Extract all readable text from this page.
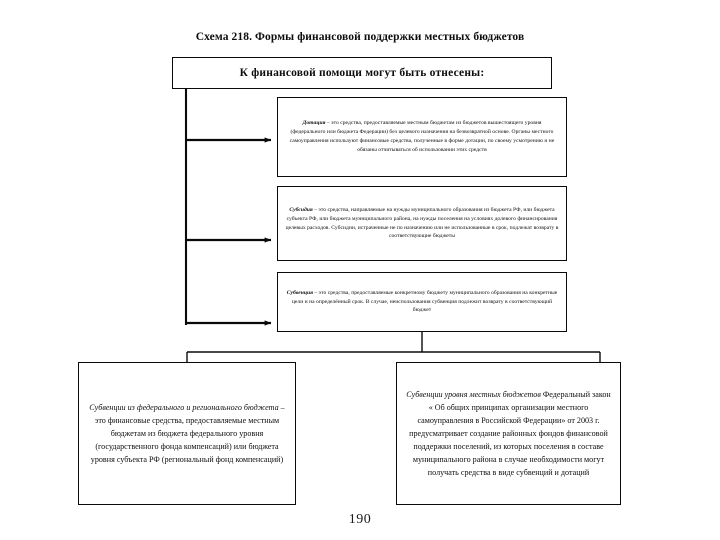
Схема 218. Формы финансовой поддержки местных бюджетов
К финансовой помощи могут быть отнесены:
Дотация – это средства, предоставляемые местным бюджетам из бюджетов вышестоящего уровня (федерального или бюджета Федерации) без целевого назначения на безвозвратной основе. Органы местного самоуправления используют финансовые средства, полученные в форме дотации, по своему усмотрению и не обязаны отчитываться об использовании этих средств
Субсидия – это средства, направляемые на нужды муниципального образования из бюджета РФ, или бюджета субъекта РФ, или бюджета муниципального района, на нужды поселения на условиях долевого финансирования целевых расходов. Субсидии, истраченные не по назначению или не использованные в срок, подлежат возврату в соответствующие бюджеты
Субвенция – это средства, предоставляемые конкретному бюджету муниципального образования на конкретные цели и на определённый срок. В случае, неиспользования субвенция подлежит возврату в соответствующий бюджет
Субвенции из федерального и регионального бюджета – это финансовые средства, предоставляемые местным бюджетам из бюджета федерального уровня (государственного фонда компенсаций) или бюджета уровня субъекта РФ (региональный фонд компенсаций)
Субвенции уровня местных бюджетов Федеральный закон « Об общих принципах организации местного самоуправления в Российской Федерации» от 2003 г. предусматривает создание районных фондов финансовой поддержки поселений, из которых поселения в составе муниципального района в случае необходимости могут получать средства в виде субвенций и дотаций
190
